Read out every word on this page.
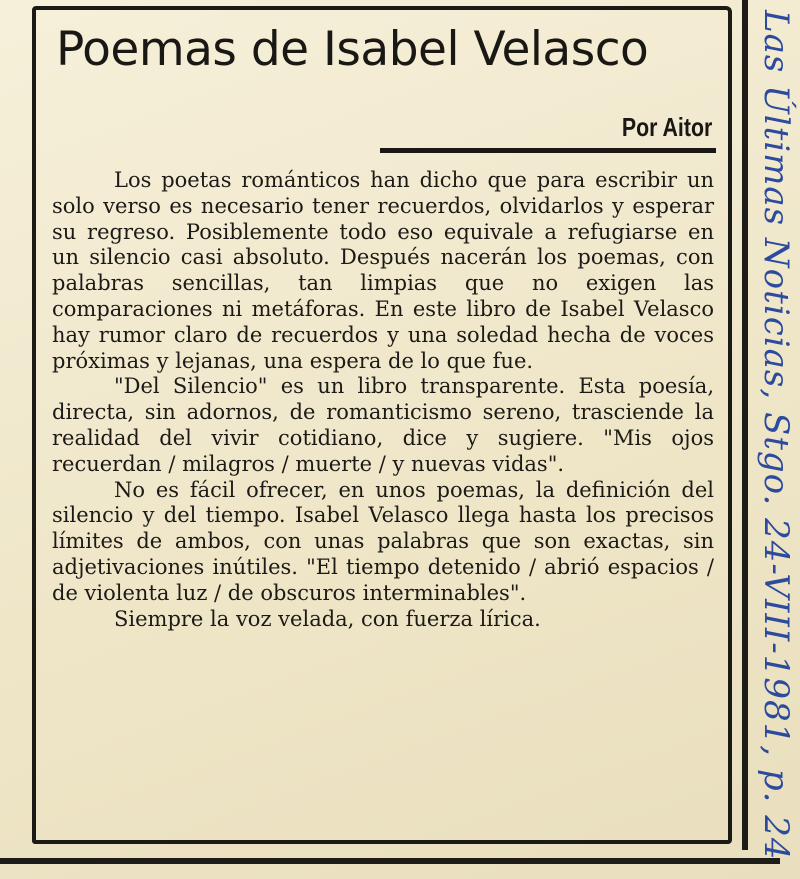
Poemas de Isabel Velasco
Por Aitor

Los poetas románticos han dicho que para escribir un solo verso es necesario tener recuerdos, olvidarlos y esperar su regreso. Posiblemente todo eso equivale a refugiarse en un silencio casi absoluto. Después nacerán los poemas, con palabras sencillas, tan limpias que no exigen las comparaciones ni metáforas. En este libro de Isabel Velasco hay rumor claro de recuerdos y una soledad hecha de voces próximas y lejanas, una espera de lo que fue.

"Del Silencio" es un libro transparente. Esta poesía, directa, sin adornos, de romanticismo sereno, trasciende la realidad del vivir cotidiano, dice y sugiere. "Mis ojos recuerdan / milagros / muerte / y nuevas vidas".

No es fácil ofrecer, en unos poemas, la definición del silencio y del tiempo. Isabel Velasco llega hasta los precisos límites de ambos, con unas palabras que son exactas, sin adjetivaciones inútiles. "El tiempo detenido / abrió espacios / de violenta luz / de obscuros interminables".

Siempre la voz velada, con fuerza lírica.	Las Últimas Noticias, Stgo. 24-VIII-1981, p. 24
